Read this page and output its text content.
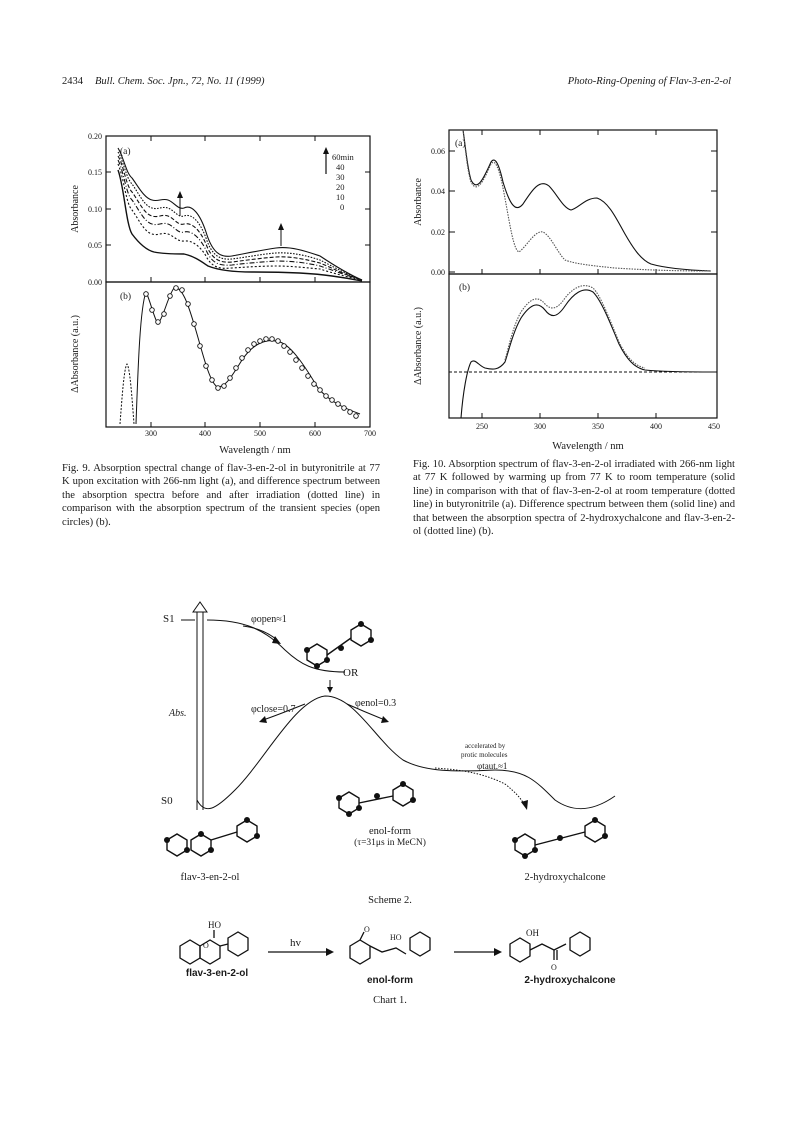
2434 Bull. Chem. Soc. Jpn., 72, No. 11 (1999)	Photo-Ring-Opening of Flav-3-en-2-ol
0.00
0.05
0.10
0.15
0.20
300	400	500	600	700
(a)
(b)
Absorbance
ΔAbsorbance (a.u.)
60min
40
30
20
10
0
Wavelength / nm
Fig. 9. Absorption spectral change of flav-3-en-2-ol in butyronitrile at 77 K upon excitation with 266-nm light (a), and difference spectrum between the absorption spectra before and after irradiation (dotted line) in comparison with the absorption spectrum of the transient species (open circles) (b).
0.00
0.02
0.04
0.06
250	300	350	400	450
(a)
(b)
Absorbance
ΔAbsorbance (a.u.)
Wavelength / nm
Fig. 10. Absorption spectrum of flav-3-en-2-ol irradiated with 266-nm light at 77 K followed by warming up from 77 K to room temperature (solid line) in comparison with that of flav-3-en-2-ol at room temperature (dotted line) in butyronitrile (a). Difference spectrum between them (solid line) and that between the absorption spectra of 2-hydroxychalcone and flav-3-en-2-ol (dotted line) (b).
S1
S0
Abs.
φopen≈1
OR
φclose=0.7
φenol=0.3
accelerated by
protic molecules
φtaut.≈1
enol-form
(τ=31μs in MeCN)
flav-3-en-2-ol	2-hydroxychalcone
Scheme 2.
HO
O	hv
O
HO	OH
O
flav-3-en-2-ol
enol-form	2-hydroxychalcone
Chart 1.
